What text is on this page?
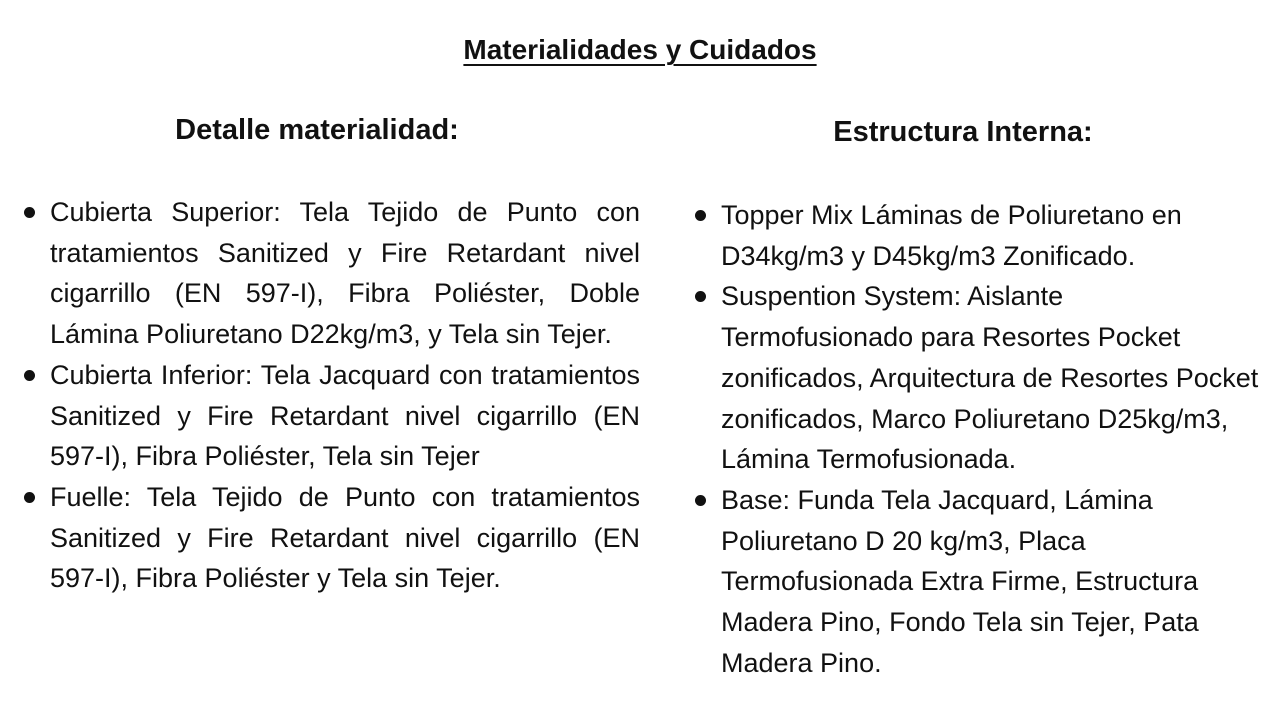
Materialidades y Cuidados
Detalle materialidad:
Cubierta Superior: Tela Tejido de Punto con tratamientos Sanitized y Fire Retardant nivel cigarrillo (EN 597-I), Fibra Poliéster, Doble Lámina Poliuretano D22kg/m3, y Tela sin Tejer.
Cubierta Inferior: Tela Jacquard con tratamientos Sanitized y Fire Retardant nivel cigarrillo (EN 597-I), Fibra Poliéster, Tela sin Tejer
Fuelle: Tela Tejido de Punto con tratamientos Sanitized y Fire Retardant nivel cigarrillo (EN 597-I), Fibra Poliéster y Tela sin Tejer.
Estructura Interna:
Topper Mix Láminas de Poliuretano en D34kg/m3 y D45kg/m3 Zonificado.
Suspention System: Aislante Termofusionado para Resortes Pocket zonificados, Arquitectura de Resortes Pocket zonificados, Marco Poliuretano D25kg/m3, Lámina Termofusionada.
Base: Funda Tela Jacquard, Lámina Poliuretano D 20 kg/m3, Placa Termofusionada Extra Firme, Estructura Madera Pino, Fondo Tela sin Tejer, Pata Madera Pino.
